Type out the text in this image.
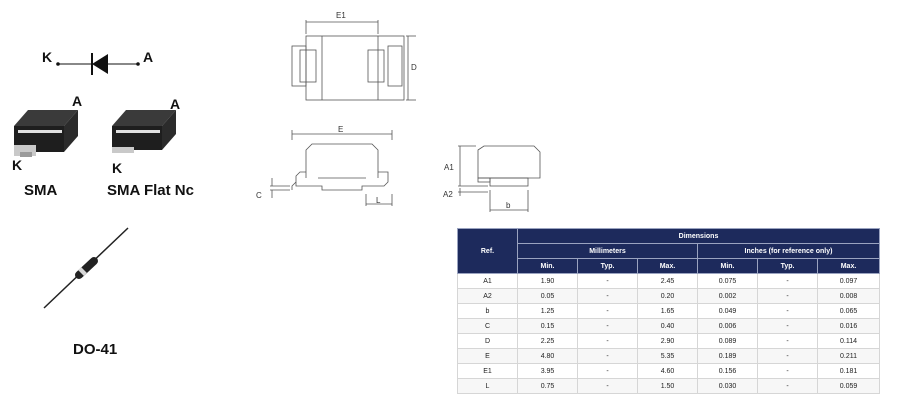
E1
D
E
C
L
A1
A2
b
K	A
A
K
SMA
A
K
SMA Flat Nc
DO-41
Ref.	Dimensions					
	Millimeters			Inches (for reference only)		
	Min.	Typ.	Max.	Min.	Typ.	Max.
A1	1.90	-	2.45	0.075	-	0.097
A2	0.05	-	0.20	0.002	-	0.008
b	1.25	-	1.65	0.049	-	0.065
C	0.15	-	0.40	0.006	-	0.016
D	2.25	-	2.90	0.089	-	0.114
E	4.80	-	5.35	0.189	-	0.211
E1	3.95	-	4.60	0.156	-	0.181
L	0.75	-	1.50	0.030	-	0.059
